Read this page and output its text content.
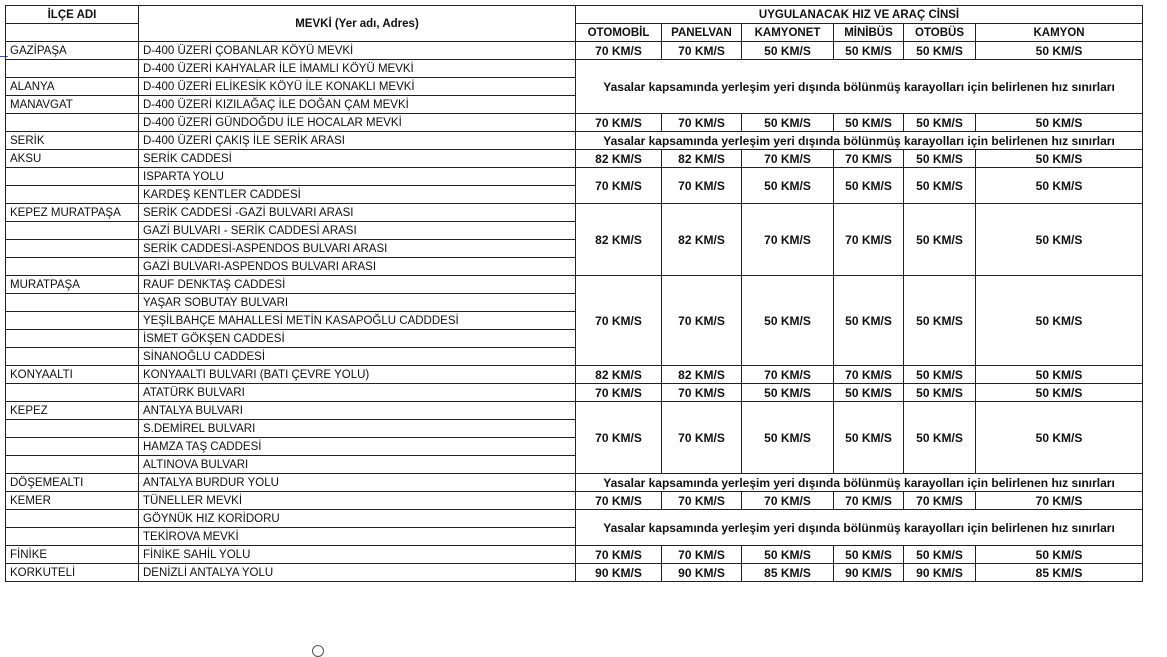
İLÇE ADI	MEVKİ (Yer adı, Adres)	UYGULANACAK HIZ VE ARAÇ CİNSİ					
		OTOMOBİL	PANELVAN	KAMYONET	MİNİBÜS	OTOBÜS	KAMYON
GAZİPAŞA	D-400 ÜZERİ ÇOBANLAR KÖYÜ MEVKİ	70 KM/S	70 KM/S	50 KM/S	50 KM/S	50 KM/S	50 KM/S
	D-400 ÜZERİ KAHYALAR İLE İMAMLI KÖYÜ MEVKİ	Yasalar kapsamında yerleşim yeri dışında bölünmüş karayolları için belirlenen hız sınırları					
ALANYA	D-400 ÜZERİ ELİKESİK KÖYÜ İLE KONAKLI MEVKİ						
MANAVGAT	D-400 ÜZERİ KIZILAĞAÇ İLE DOĞAN ÇAM MEVKİ						
	D-400 ÜZERİ GÜNDOĞDU İLE HOCALAR MEVKİ	70 KM/S	70 KM/S	50 KM/S	50 KM/S	50 KM/S	50 KM/S
SERİK	D-400 ÜZERİ ÇAKIŞ İLE SERİK ARASI	Yasalar kapsamında yerleşim yeri dışında bölünmüş karayolları için belirlenen hız sınırları					
AKSU	SERİK CADDESİ	82 KM/S	82 KM/S	70 KM/S	70 KM/S	50 KM/S	50 KM/S
	ISPARTA YOLU	70 KM/S	70 KM/S	50 KM/S	50 KM/S	50 KM/S	50 KM/S
	KARDEŞ KENTLER CADDESİ						
KEPEZ MURATPAŞA	SERİK CADDESİ -GAZİ BULVARI ARASI	82 KM/S	82 KM/S	70 KM/S	70 KM/S	50 KM/S	50 KM/S
	GAZİ BULVARI - SERİK CADDESİ ARASI						
	SERİK CADDESİ-ASPENDOS BULVARI ARASI						
	GAZİ BULVARI-ASPENDOS BULVARI ARASI						
MURATPAŞA	RAUF DENKTAŞ CADDESİ	70 KM/S	70 KM/S	50 KM/S	50 KM/S	50 KM/S	50 KM/S
	YAŞAR SOBUTAY BULVARI						
	YEŞİLBAHÇE MAHALLESİ METİN KASAPOĞLU CADDDESİ						
	İSMET GÖKŞEN CADDESİ						
	SİNANOĞLU CADDESİ						
KONYAALTI	KONYAALTI BULVARI (BATI ÇEVRE YOLU)	82 KM/S	82 KM/S	70 KM/S	70 KM/S	50 KM/S	50 KM/S
	ATATÜRK BULVARI	70 KM/S	70 KM/S	50 KM/S	50 KM/S	50 KM/S	50 KM/S
KEPEZ	ANTALYA BULVARI	70 KM/S	70 KM/S	50 KM/S	50 KM/S	50 KM/S	50 KM/S
	S.DEMİREL BULVARI						
	HAMZA TAŞ CADDESİ						
	ALTINOVA BULVARI						
DÖŞEMEALTI	ANTALYA BURDUR YOLU	Yasalar kapsamında yerleşim yeri dışında bölünmüş karayolları için belirlenen hız sınırları					
KEMER	TÜNELLER MEVKİ	70 KM/S	70 KM/S	70 KM/S	70 KM/S	70 KM/S	70 KM/S
	GÖYNÜK HIZ KORİDORU	Yasalar kapsamında yerleşim yeri dışında bölünmüş karayolları için belirlenen hız sınırları					
	TEKİROVA MEVKİ						
FİNİKE	FİNİKE SAHİL YOLU	70 KM/S	70 KM/S	50 KM/S	50 KM/S	50 KM/S	50 KM/S
KORKUTELİ	DENİZLİ ANTALYA YOLU	90 KM/S	90 KM/S	85 KM/S	90 KM/S	90 KM/S	85 KM/S
